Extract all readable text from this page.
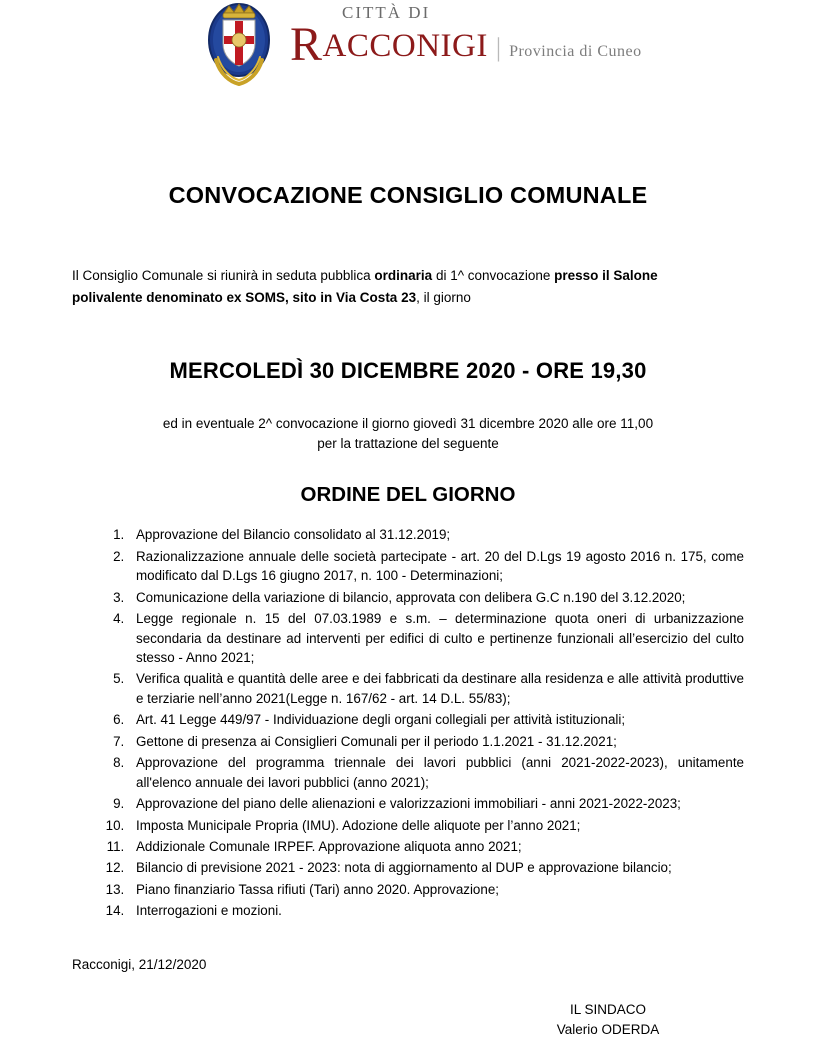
CITTÀ DI
R ACCONIGI | Provincia di Cuneo
CONVOCAZIONE CONSIGLIO COMUNALE
Il Consiglio Comunale si riunirà in seduta pubblica ordinaria di 1^ convocazione presso il Salone polivalente denominato ex SOMS, sito in Via Costa 23, il giorno
MERCOLEDÌ 30 DICEMBRE 2020 - ORE 19,30
ed in eventuale 2^ convocazione il giorno giovedì 31 dicembre 2020 alle ore 11,00
per la trattazione del seguente
ORDINE DEL GIORNO
1. Approvazione del Bilancio consolidato al 31.12.2019;
2. Razionalizzazione annuale delle società partecipate - art. 20 del D.Lgs 19 agosto 2016 n. 175, come modificato dal D.Lgs 16 giugno 2017, n. 100 - Determinazioni;
3. Comunicazione della variazione di bilancio, approvata con delibera G.C n.190 del 3.12.2020;
4. Legge regionale n. 15 del 07.03.1989 e s.m. – determinazione quota oneri di urbanizzazione secondaria da destinare ad interventi per edifici di culto e pertinenze funzionali all’esercizio del culto stesso - Anno 2021;
5. Verifica qualità e quantità delle aree e dei fabbricati da destinare alla residenza e alle attività produttive e terziarie nell’anno 2021(Legge n. 167/62 - art. 14 D.L. 55/83);
6. Art. 41 Legge 449/97 - Individuazione degli organi collegiali per attività istituzionali;
7. Gettone di presenza ai Consiglieri Comunali per il periodo 1.1.2021 - 31.12.2021;
8. Approvazione del programma triennale dei lavori pubblici (anni 2021-2022-2023), unitamente all'elenco annuale dei lavori pubblici (anno 2021);
9. Approvazione del piano delle alienazioni e valorizzazioni immobiliari - anni 2021-2022-2023;
10. Imposta Municipale Propria (IMU). Adozione delle aliquote per l’anno 2021;
11. Addizionale Comunale IRPEF. Approvazione aliquota anno 2021;
12. Bilancio di previsione 2021 - 2023: nota di aggiornamento al DUP e approvazione bilancio;
13. Piano finanziario Tassa rifiuti (Tari) anno 2020. Approvazione;
14. Interrogazioni e mozioni.
Racconigi, 21/12/2020
IL SINDACO
Valerio ODERDA
